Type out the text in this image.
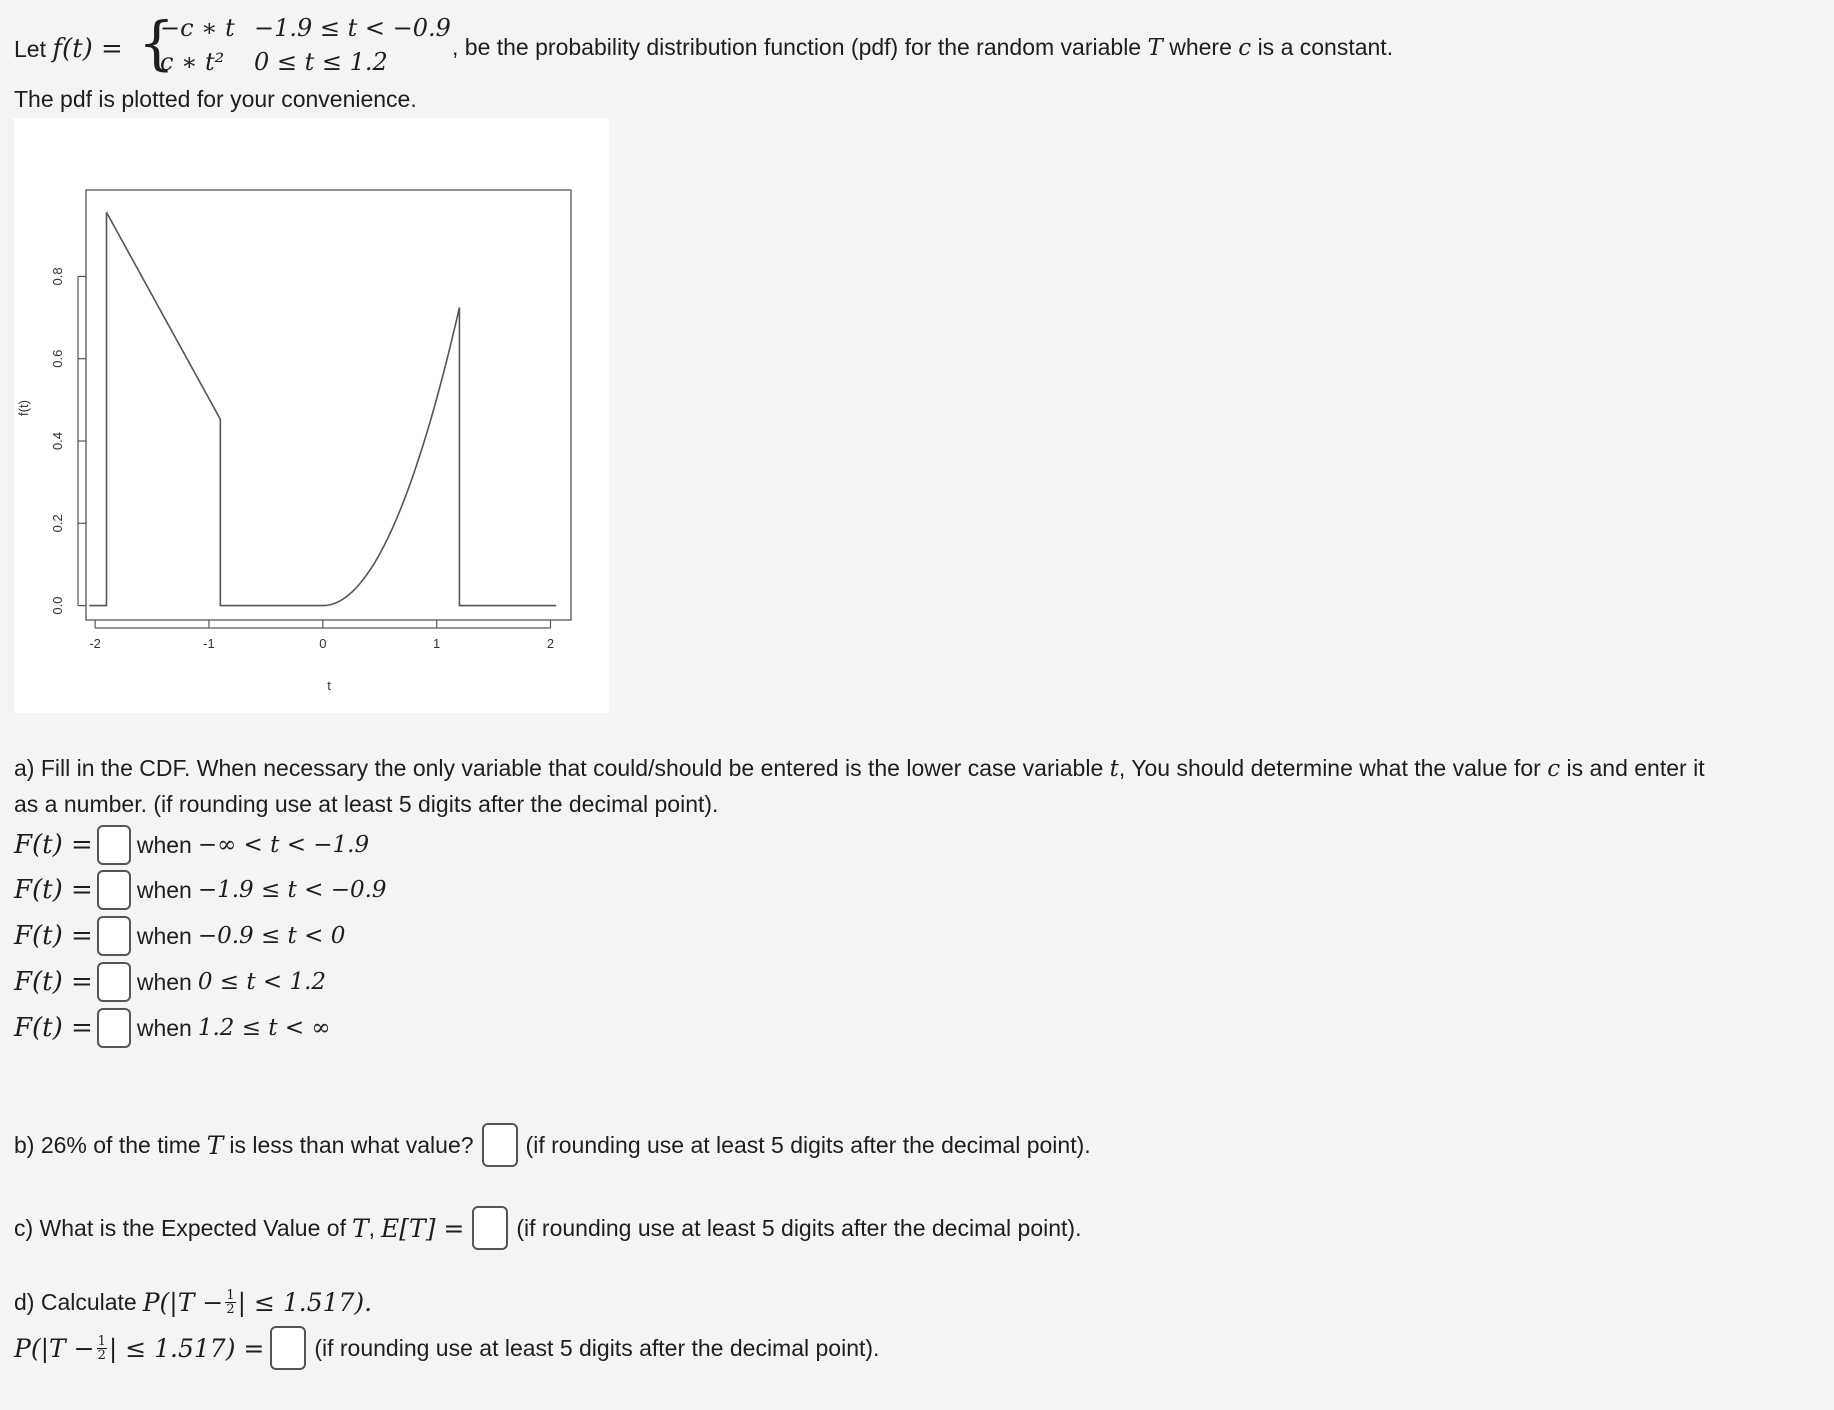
Let f(t) = {
−c ∗ t −1.9 ≤ t < −0.9
c ∗ t² 0 ≤ t ≤ 1.2
, be the probability distribution function (pdf) for the random variable T where c is a constant.
The pdf is plotted for your convenience.
-2	-1	0	1	2
0.0
0.2
0.4
0.6
0.8
t
f(t)
a) Fill in the CDF. When necessary the only variable that could/should be entered is the lower case variable t, You should determine what the value for c is and enter it
as a number. (if rounding use at least 5 digits after the decimal point).
F(t) = when −∞ < t < −1.9
F(t) = when −1.9 ≤ t < −0.9
F(t) = when −0.9 ≤ t < 0
F(t) = when 0 ≤ t < 1.2
F(t) = when 1.2 ≤ t < ∞
b) 26% of the time T is less than what value? (if rounding use at least 5 digits after the decimal point).
c) What is the Expected Value of T , E[T] = (if rounding use at least 5 digits after the decimal point).
d) Calculate $P(|T - \frac{1}{2}$ | ≤ 1.517).
$P(|T - \frac{1}{2}$ | ≤ 1.517) = (if rounding use at least 5 digits after the decimal point).
